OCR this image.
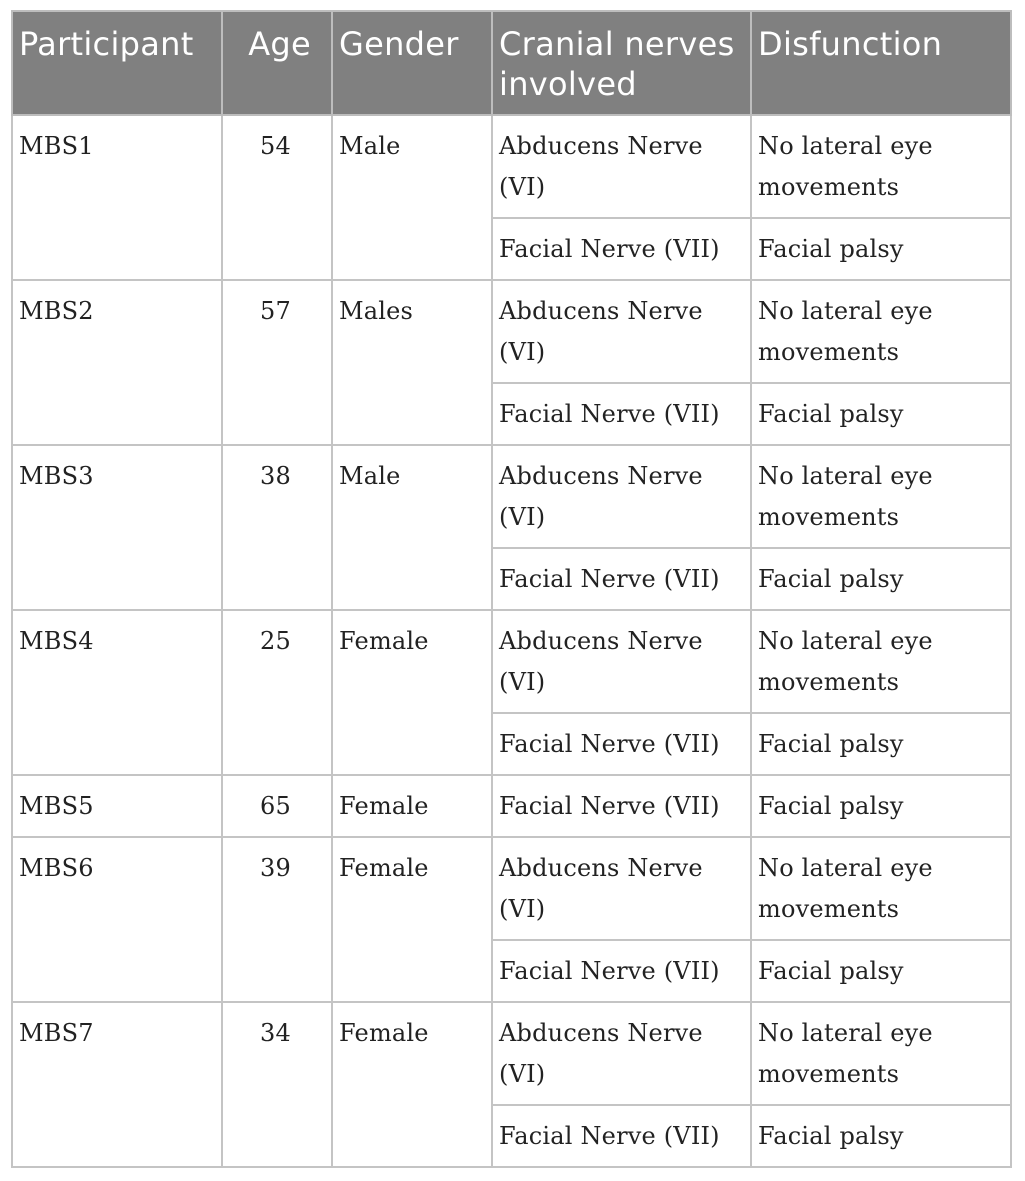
Participant	Age	Gender	Cranial nerves involved	Disfunction
MBS1	54	Male	Abducens Nerve (VI)	No lateral eye movements
			Facial Nerve (VII)	Facial palsy
MBS2	57	Males	Abducens Nerve (VI)	No lateral eye movements
			Facial Nerve (VII)	Facial palsy
MBS3	38	Male	Abducens Nerve (VI)	No lateral eye movements
			Facial Nerve (VII)	Facial palsy
MBS4	25	Female	Abducens Nerve (VI)	No lateral eye movements
			Facial Nerve (VII)	Facial palsy
MBS5	65	Female	Facial Nerve (VII)	Facial palsy
MBS6	39	Female	Abducens Nerve (VI)	No lateral eye movements
			Facial Nerve (VII)	Facial palsy
MBS7	34	Female	Abducens Nerve (VI)	No lateral eye movements
			Facial Nerve (VII)	Facial palsy
